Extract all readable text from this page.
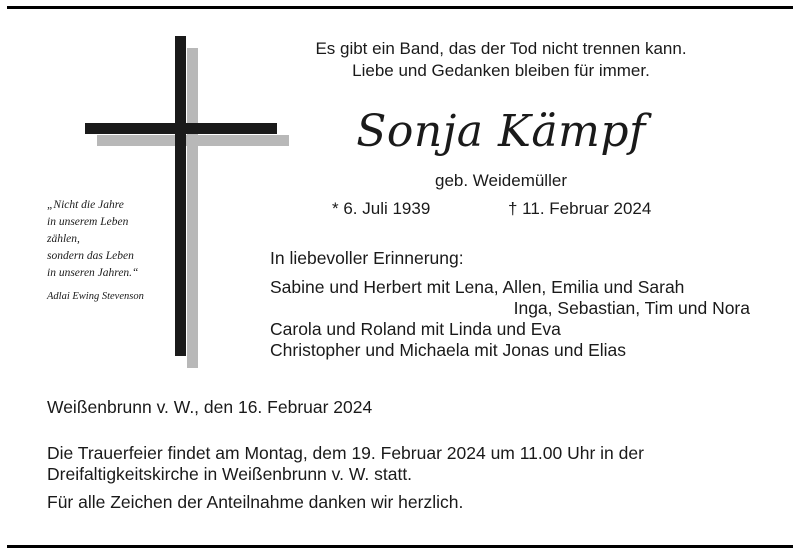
„Nicht die Jahre
in unserem Leben
zählen,
sondern das Leben
in unseren Jahren.“
Adlai Ewing Stevenson
Es gibt ein Band, das der Tod nicht trennen kann.
Liebe und Gedanken bleiben für immer.
Sonja Kämpf
geb. Weidemüller
* 6. Juli 1939	† 11. Februar 2024
In liebevoller Erinnerung:
Sabine und Herbert mit Lena, Allen, Emilia und Sarah
Inga, Sebastian, Tim und Nora
Carola und Roland mit Linda und Eva
Christopher und Michaela mit Jonas und Elias
Weißenbrunn v. W., den 16. Februar 2024
Die Trauerfeier findet am Montag, dem 19. Februar 2024 um 11.00 Uhr in der
Dreifaltigkeitskirche in Weißenbrunn v. W. statt.
Für alle Zeichen der Anteilnahme danken wir herzlich.
